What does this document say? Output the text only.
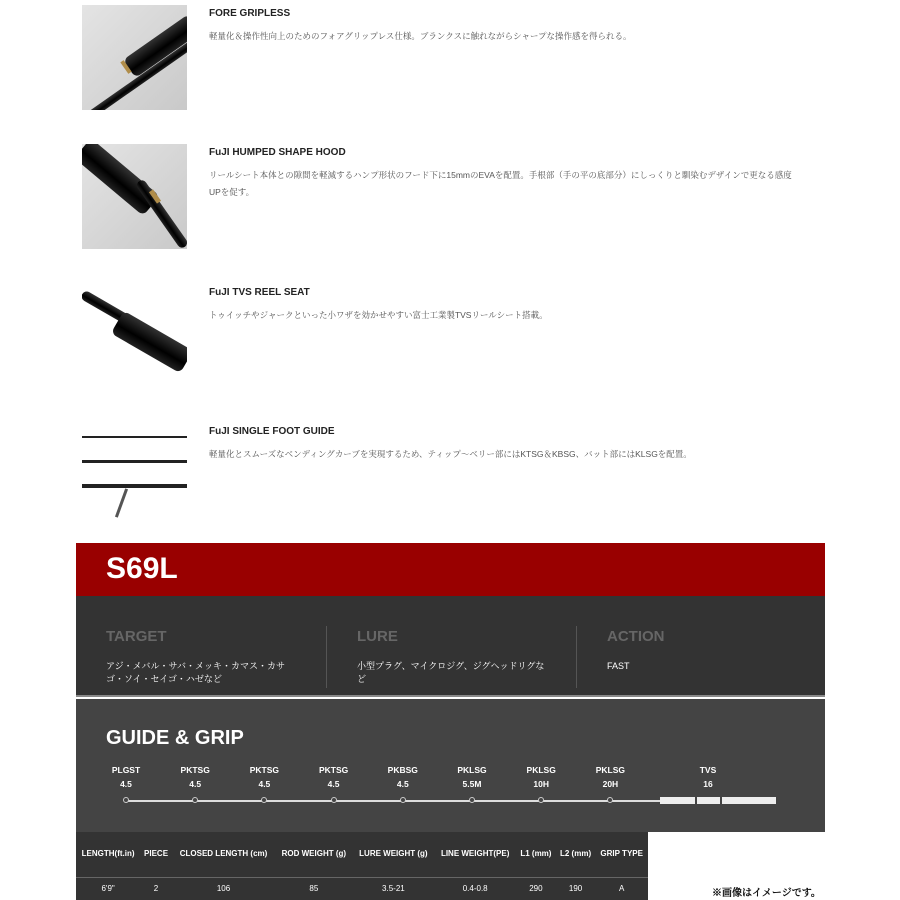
FORE GRIPLESS
軽量化＆操作性向上のためのフォアグリップレス仕様。ブランクスに触れながらシャープな操作感を得られる。
FuJI HUMPED SHAPE HOOD
リールシート本体との隙間を軽減するハンプ形状のフード下に15mmのEVAを配置。手根部（手の平の底部分）にしっくりと馴染むデザインで更なる感度UPを促す。
FuJI TVS REEL SEAT
トゥイッチやジャークといった小ワザを効かせやすい富士工業製TVSリールシート搭載。
FuJI SINGLE FOOT GUIDE
軽量化とスムーズなベンディングカーブを実現するため、ティップ〜ベリー部にはKTSG＆KBSG、バット部にはKLSGを配置。
S69L
TARGET
アジ・メバル・サバ・メッキ・カマス・カサゴ・ソイ・セイゴ・ハゼなど
LURE
小型プラグ、マイクロジグ、ジグヘッドリグなど
ACTION
FAST
GUIDE & GRIP
PLGST
4.5
PKTSG
4.5
PKTSG
4.5
PKTSG
4.5
PKBSG
4.5
PKLSG
5.5M
PKLSG
10H
PKLSG
20H
TVS
16
LENGTH(ft.in)	PIECE	CLOSED LENGTH (cm)	ROD WEIGHT (g)	LURE WEIGHT (g)	LINE WEIGHT(PE)	L1 (mm)	L2 (mm)	GRIP TYPE
6'9"	2	106	85	3.5-21	0.4-0.8	290	190	A	※画像はイメージです。
